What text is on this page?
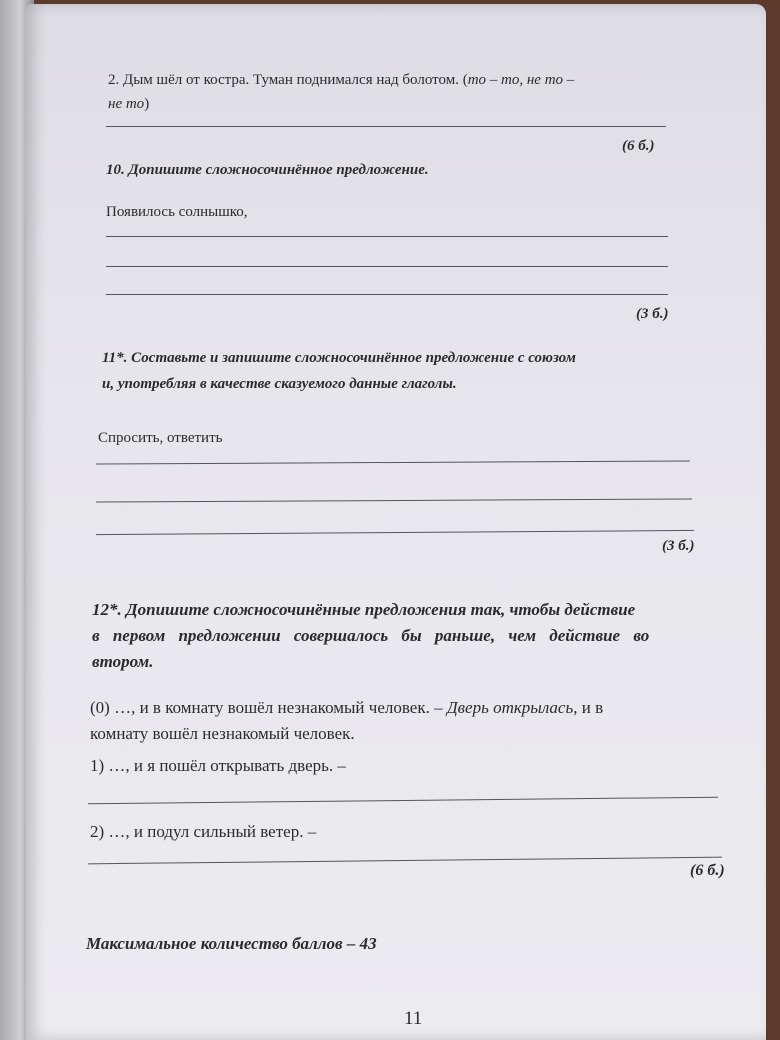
2. Дым шёл от костра. Туман поднимался над болотом. (то – то, не то –
не то)
(6 б.)
10. Допишите сложносочинённое предложение.
Появилось солнышко,
(3 б.)
11*. Составьте и запишите сложносочинённое предложение с союзом
и, употребляя в качестве сказуемого данные глаголы.
Спросить, ответить
(3 б.)
12*. Допишите сложносочинённые предложения так, чтобы действие
в первом предложении совершалось бы раньше, чем действие во
втором.
(0) …, и в комнату вошёл незнакомый человек. – Дверь открылась, и в
комнату вошёл незнакомый человек.
1) …, и я пошёл открывать дверь. –
2) …, и подул сильный ветер. –
(6 б.)
Максимальное количество баллов – 43
11
